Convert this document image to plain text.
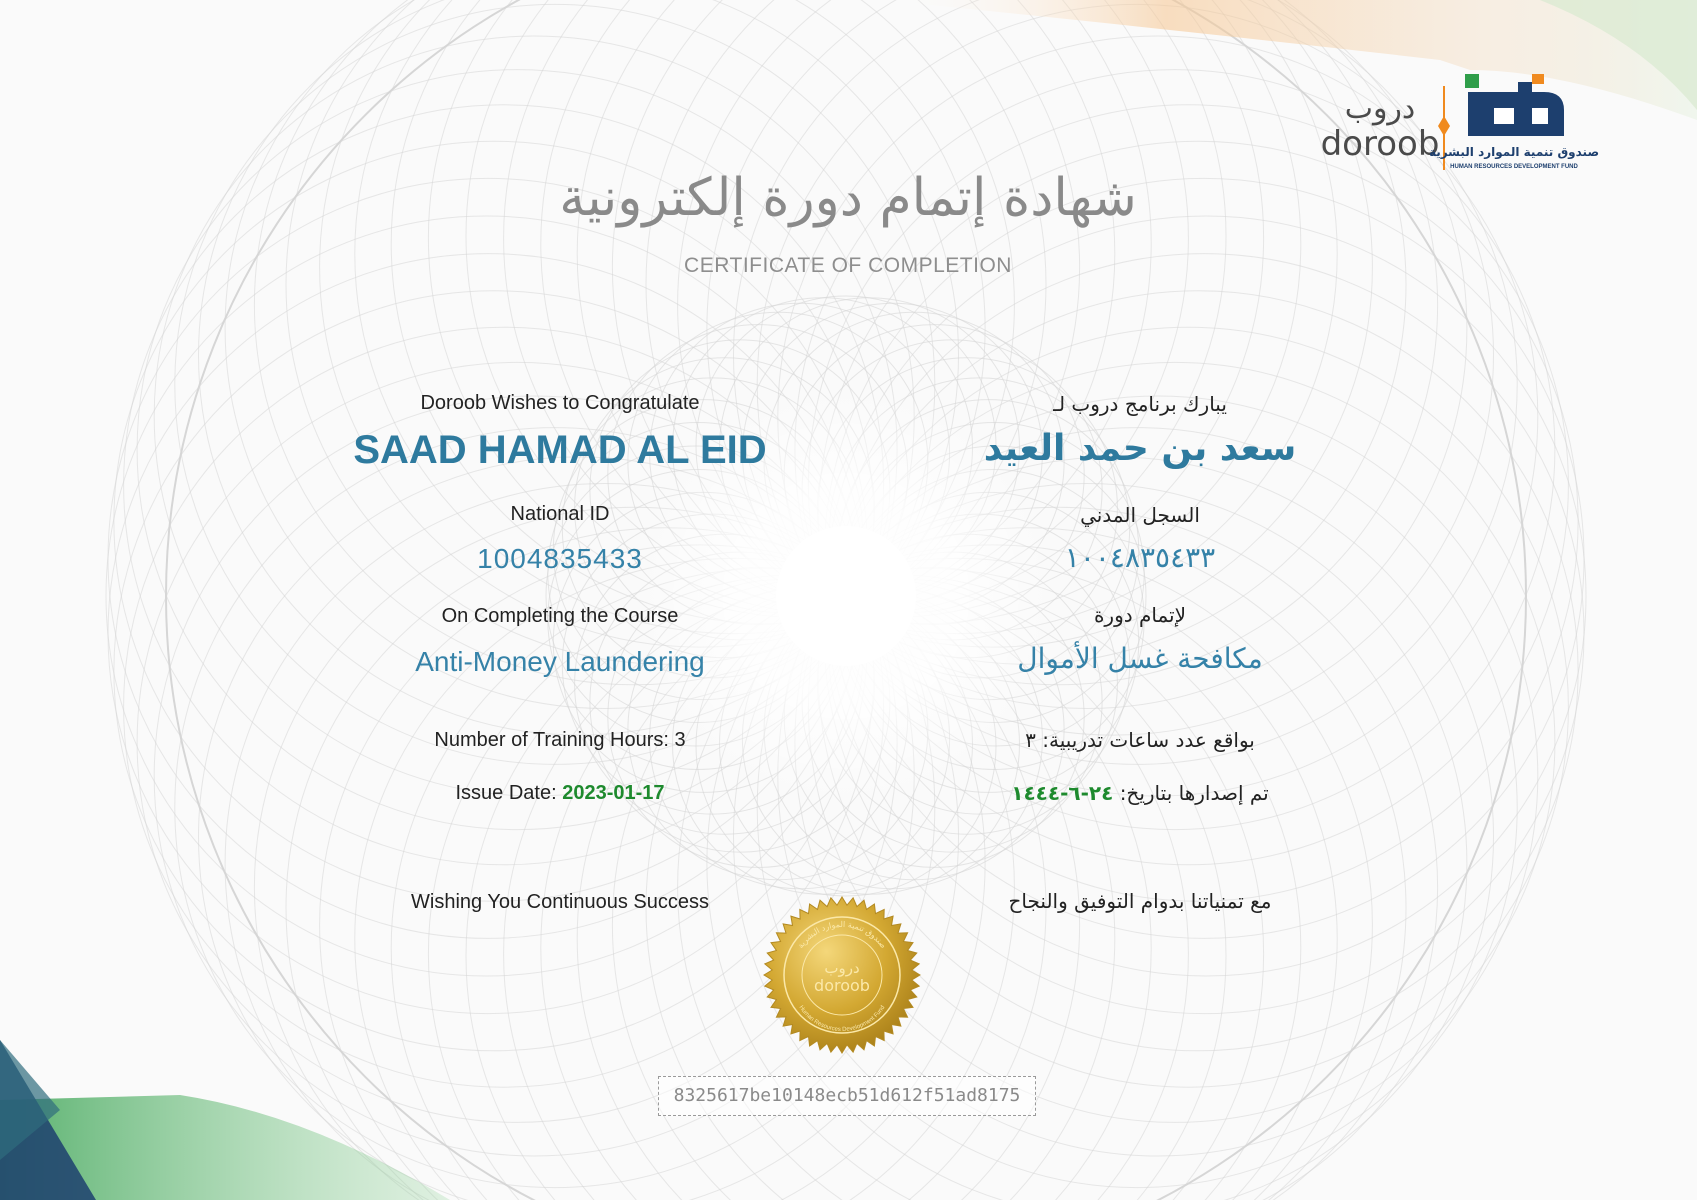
دروب
doroob
صندوق تنمية الموارد البشرية
HUMAN RESOURCES DEVELOPMENT FUND
شهادة إتمام دورة إلكترونية
CERTIFICATE OF COMPLETION
Doroob Wishes to Congratulate
SAAD HAMAD AL EID
National ID
1004835433
On Completing the Course
Anti-Money Laundering
Number of Training Hours: 3
Issue Date: 2023-01-17
Wishing You Continuous Success
يبارك برنامج دروب لـ
سعد بن حمد العيد
السجل المدني
١٠٠٤٨٣٥٤٣٣
لإتمام دورة
مكافحة غسل الأموال
بواقع عدد ساعات تدريبية: ٣
تم إصدارها بتاريخ: ٢٤-٦-١٤٤٤
مع تمنياتنا بدوام التوفيق والنجاح
صندوق تنمية الموارد البشرية
Human Resources Development Fund
دروب
doroob
8325617be10148ecb51d612f51ad8175
